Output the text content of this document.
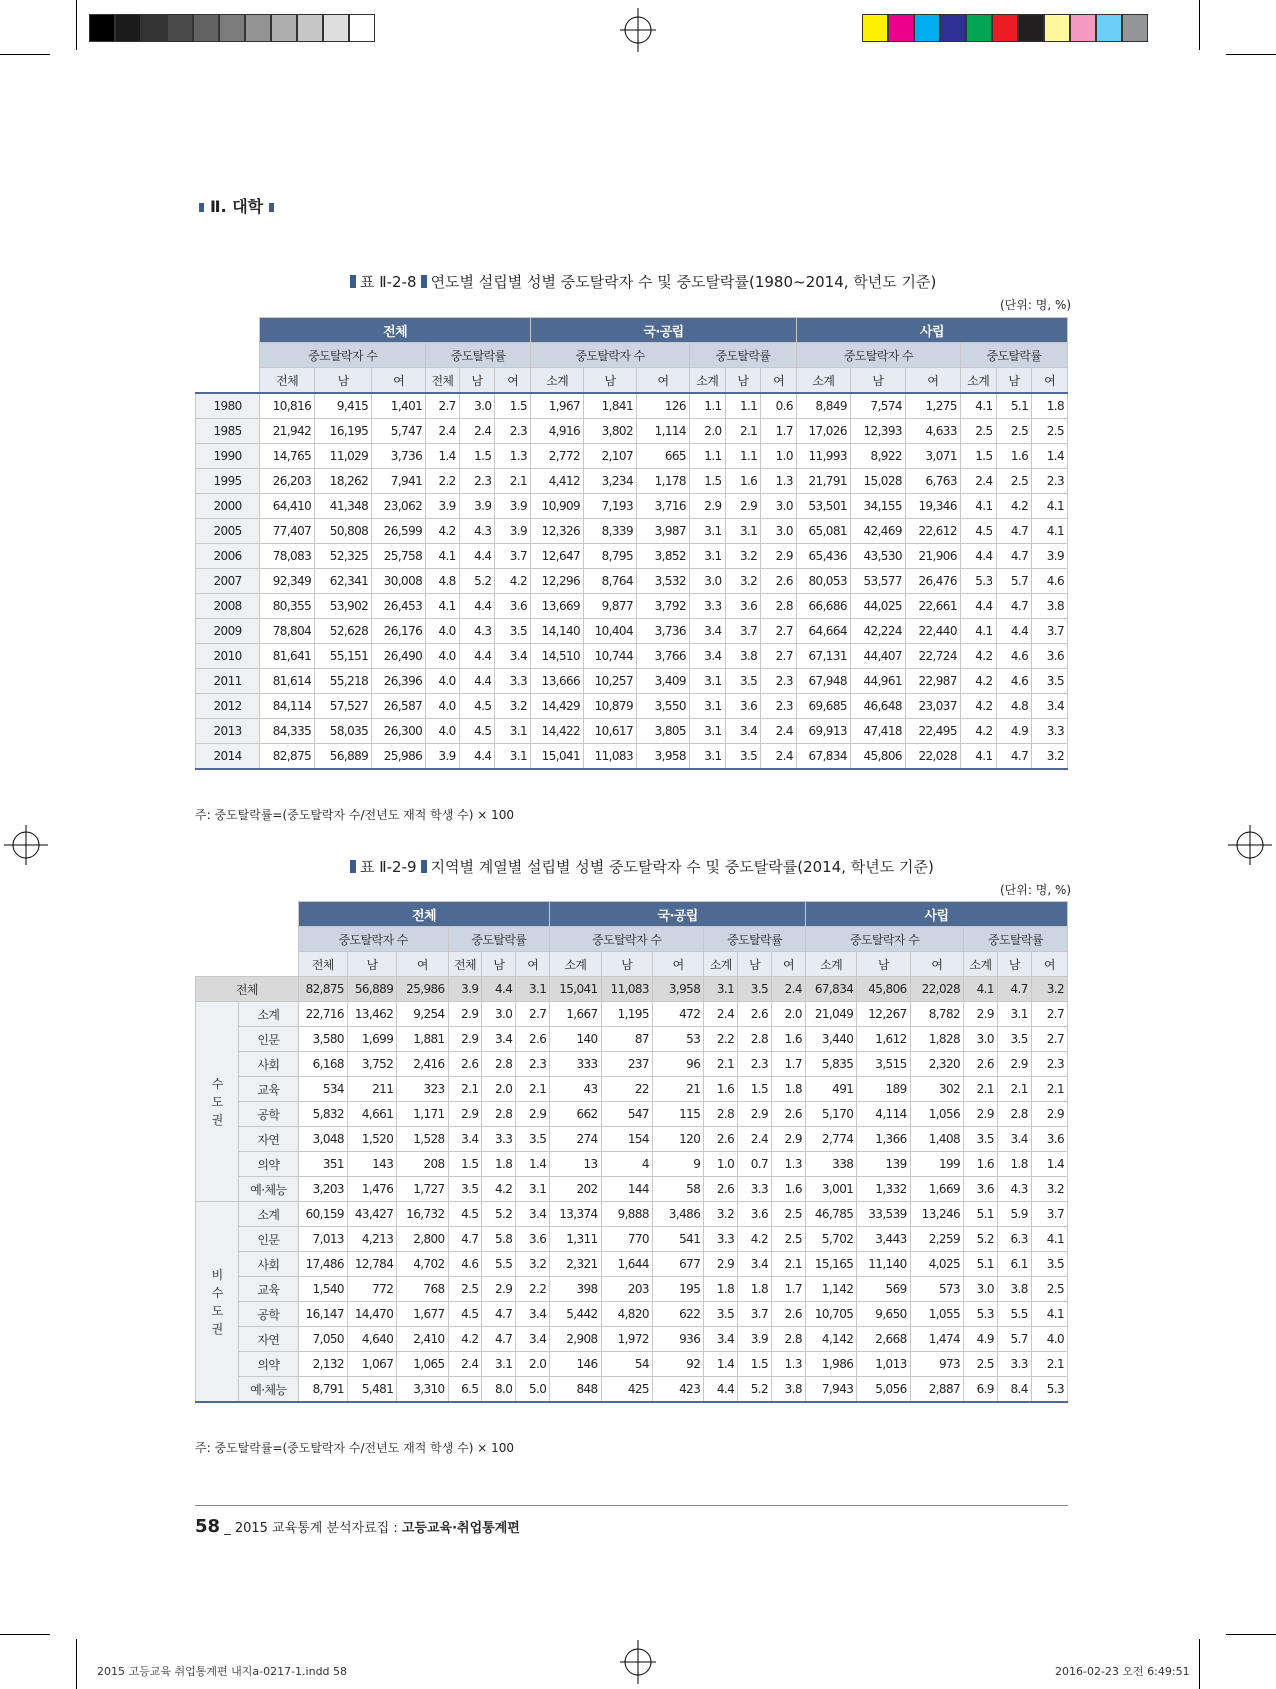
Ⅱ. 대학
표 Ⅱ-2-8 연도별 설립별 성별 중도탈락자 수 및 중도탈락률(1980~2014, 학년도 기준)
(단위: 명, %)
	전체						국·공립						사립					
	중도탈락자 수			중도탈락률			중도탈락자 수			중도탈락률			중도탈락자 수			중도탈락률		
	전체	남	여	전체	남	여	소계	남	여	소계	남	여	소계	남	여	소계	남	여
1980	10,816	9,415	1,401	2.7	3.0	1.5	1,967	1,841	126	1.1	1.1	0.6	8,849	7,574	1,275	4.1	5.1	1.8
1985	21,942	16,195	5,747	2.4	2.4	2.3	4,916	3,802	1,114	2.0	2.1	1.7	17,026	12,393	4,633	2.5	2.5	2.5
1990	14,765	11,029	3,736	1.4	1.5	1.3	2,772	2,107	665	1.1	1.1	1.0	11,993	8,922	3,071	1.5	1.6	1.4
1995	26,203	18,262	7,941	2.2	2.3	2.1	4,412	3,234	1,178	1.5	1.6	1.3	21,791	15,028	6,763	2.4	2.5	2.3
2000	64,410	41,348	23,062	3.9	3.9	3.9	10,909	7,193	3,716	2.9	2.9	3.0	53,501	34,155	19,346	4.1	4.2	4.1
2005	77,407	50,808	26,599	4.2	4.3	3.9	12,326	8,339	3,987	3.1	3.1	3.0	65,081	42,469	22,612	4.5	4.7	4.1
2006	78,083	52,325	25,758	4.1	4.4	3.7	12,647	8,795	3,852	3.1	3.2	2.9	65,436	43,530	21,906	4.4	4.7	3.9
2007	92,349	62,341	30,008	4.8	5.2	4.2	12,296	8,764	3,532	3.0	3.2	2.6	80,053	53,577	26,476	5.3	5.7	4.6
2008	80,355	53,902	26,453	4.1	4.4	3.6	13,669	9,877	3,792	3.3	3.6	2.8	66,686	44,025	22,661	4.4	4.7	3.8
2009	78,804	52,628	26,176	4.0	4.3	3.5	14,140	10,404	3,736	3.4	3.7	2.7	64,664	42,224	22,440	4.1	4.4	3.7
2010	81,641	55,151	26,490	4.0	4.4	3.4	14,510	10,744	3,766	3.4	3.8	2.7	67,131	44,407	22,724	4.2	4.6	3.6
2011	81,614	55,218	26,396	4.0	4.4	3.3	13,666	10,257	3,409	3.1	3.5	2.3	67,948	44,961	22,987	4.2	4.6	3.5
2012	84,114	57,527	26,587	4.0	4.5	3.2	14,429	10,879	3,550	3.1	3.6	2.3	69,685	46,648	23,037	4.2	4.8	3.4
2013	84,335	58,035	26,300	4.0	4.5	3.1	14,422	10,617	3,805	3.1	3.4	2.4	69,913	47,418	22,495	4.2	4.9	3.3
2014	82,875	56,889	25,986	3.9	4.4	3.1	15,041	11,083	3,958	3.1	3.5	2.4	67,834	45,806	22,028	4.1	4.7	3.2
주: 중도탈락률=(중도탈락자 수/전년도 재적 학생 수) × 100
표 Ⅱ-2-9 지역별 계열별 설립별 성별 중도탈락자 수 및 중도탈락률(2014, 학년도 기준)
(단위: 명, %)
		전체						국·공립						사립					
		중도탈락자 수			중도탈락률			중도탈락자 수			중도탈락률			중도탈락자 수			중도탈락률		
		전체	남	여	전체	남	여	소계	남	여	소계	남	여	소계	남	여	소계	남	여
전체		82,875	56,889	25,986	3.9	4.4	3.1	15,041	11,083	3,958	3.1	3.5	2.4	67,834	45,806	22,028	4.1	4.7	3.2
수도권	소계	22,716	13,462	9,254	2.9	3.0	2.7	1,667	1,195	472	2.4	2.6	2.0	21,049	12,267	8,782	2.9	3.1	2.7
	인문	3,580	1,699	1,881	2.9	3.4	2.6	140	87	53	2.2	2.8	1.6	3,440	1,612	1,828	3.0	3.5	2.7
	사회	6,168	3,752	2,416	2.6	2.8	2.3	333	237	96	2.1	2.3	1.7	5,835	3,515	2,320	2.6	2.9	2.3
	교육	534	211	323	2.1	2.0	2.1	43	22	21	1.6	1.5	1.8	491	189	302	2.1	2.1	2.1
	공학	5,832	4,661	1,171	2.9	2.8	2.9	662	547	115	2.8	2.9	2.6	5,170	4,114	1,056	2.9	2.8	2.9
	자연	3,048	1,520	1,528	3.4	3.3	3.5	274	154	120	2.6	2.4	2.9	2,774	1,366	1,408	3.5	3.4	3.6
	의약	351	143	208	1.5	1.8	1.4	13	4	9	1.0	0.7	1.3	338	139	199	1.6	1.8	1.4
	예·체능	3,203	1,476	1,727	3.5	4.2	3.1	202	144	58	2.6	3.3	1.6	3,001	1,332	1,669	3.6	4.3	3.2
비수도권	소계	60,159	43,427	16,732	4.5	5.2	3.4	13,374	9,888	3,486	3.2	3.6	2.5	46,785	33,539	13,246	5.1	5.9	3.7
	인문	7,013	4,213	2,800	4.7	5.8	3.6	1,311	770	541	3.3	4.2	2.5	5,702	3,443	2,259	5.2	6.3	4.1
	사회	17,486	12,784	4,702	4.6	5.5	3.2	2,321	1,644	677	2.9	3.4	2.1	15,165	11,140	4,025	5.1	6.1	3.5
	교육	1,540	772	768	2.5	2.9	2.2	398	203	195	1.8	1.8	1.7	1,142	569	573	3.0	3.8	2.5
	공학	16,147	14,470	1,677	4.5	4.7	3.4	5,442	4,820	622	3.5	3.7	2.6	10,705	9,650	1,055	5.3	5.5	4.1
	자연	7,050	4,640	2,410	4.2	4.7	3.4	2,908	1,972	936	3.4	3.9	2.8	4,142	2,668	1,474	4.9	5.7	4.0
	의약	2,132	1,067	1,065	2.4	3.1	2.0	146	54	92	1.4	1.5	1.3	1,986	1,013	973	2.5	3.3	2.1
	예·체능	8,791	5,481	3,310	6.5	8.0	5.0	848	425	423	4.4	5.2	3.8	7,943	5,056	2,887	6.9	8.4	5.3
주: 중도탈락률=(중도탈락자 수/전년도 재적 학생 수) × 100
58 _ 2015 교육통계 분석자료집 : 고등교육·취업통계편
2015 고등교육 취업통계편 내지a-0217-1.indd 58	2016-02-23 오전 6:49:51
